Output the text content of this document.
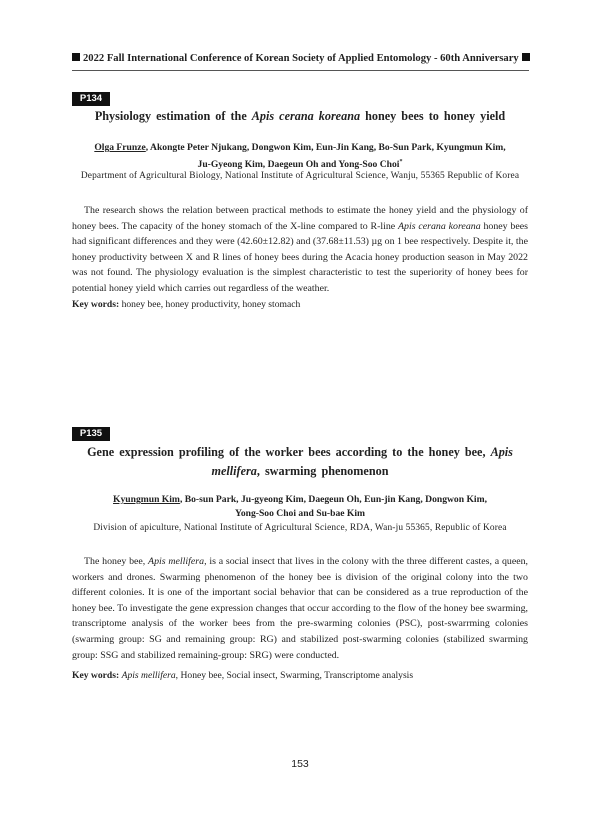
2022 Fall International Conference of Korean Society of Applied Entomology - 60th Anniversary
P134
Physiology estimation of the Apis cerana koreana honey bees to honey yield
Olga Frunze, Akongte Peter Njukang, Dongwon Kim, Eun-Jin Kang, Bo-Sun Park, Kyungmun Kim,
Ju-Gyeong Kim, Daegeun Oh and Yong-Soo Choi*
Department of Agricultural Biology, National Institute of Agricultural Science, Wanju, 55365 Republic of Korea

The research shows the relation between practical methods to estimate the honey yield and the physiology of honey bees. The capacity of the honey stomach of the X-line compared to R-line Apis cerana koreana honey bees had significant differences and they were (42.60±12.82) and (37.68±11.53) µg on 1 bee respectively. Despite it, the honey productivity between X and R lines of honey bees during the Acacia honey production season in May 2022 was not found. The physiology evaluation is the simplest characteristic to test the superiority of honey bees for potential honey yield which carries out regardless of the weather.

Key words: honey bee, honey productivity, honey stomach
P135
Gene expression profiling of the worker bees according to the honey bee, Apis
mellifera, swarming phenomenon
Kyungmun Kim, Bo-sun Park, Ju-gyeong Kim, Daegeun Oh, Eun-jin Kang, Dongwon Kim,
Yong-Soo Choi and Su-bae Kim
Division of apiculture, National Institute of Agricultural Science, RDA, Wan-ju 55365, Republic of Korea

The honey bee, Apis mellifera, is a social insect that lives in the colony with the three different castes, a queen, workers and drones. Swarming phenomenon of the honey bee is division of the original colony into the two different colonies. It is one of the important social behavior that can be considered as a true reproduction of the honey bee. To investigate the gene expression changes that occur according to the flow of the honey bee swarming, transcriptome analysis of the worker bees from the pre-swarming colonies (PSC), post-swarrming colonies (swarming group: SG and remaining group: RG) and stabilized post-swarming colonies (stabilized swarming group: SSG and stabilized remaining-group: SRG) were conducted.

Key words: Apis mellifera, Honey bee, Social insect, Swarming, Transcriptome analysis
153
